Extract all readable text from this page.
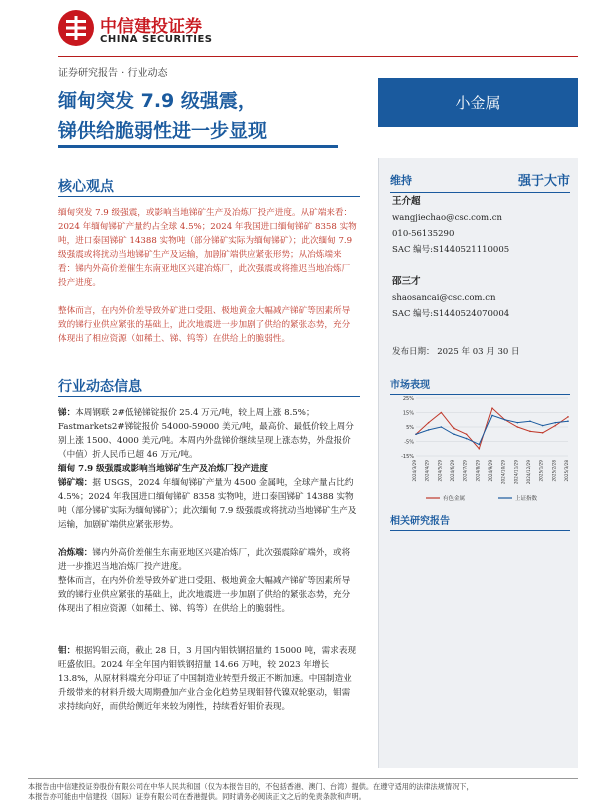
中信建投证券
CHINA SECURITIES
证券研究报告 · 行业动态
缅甸突发 7.9 级强震，
锑供给脆弱性进一步显现
小金属
核心观点
缅甸突发 7.9 级强震，或影响当地锑矿生产及冶炼厂投产进度。从矿端来看：2024 年缅甸锑矿产量约占全球 4.5%；2024 年我国进口缅甸锑矿 8358 实物吨，进口泰国锑矿 14388 实物吨（部分锑矿实际为缅甸锑矿）；此次缅甸 7.9 级强震或将扰动当地锑矿生产及运输，加剧矿端供应紧张形势；从冶炼端来看：锑内外高价差催生东南亚地区兴建冶炼厂，此次强震或将推迟当地冶炼厂投产进度。
整体而言，在内外价差导致外矿进口受阻、极地黄金大幅减产锑矿等因素所导致的锑行业供应紧张的基础上，此次地震进一步加剧了供给的紧张态势，充分体现出了相应资源（如稀土、锑、钨等）在供给上的脆弱性。
行业动态信息
锑：本周钢联 2#低铋锑锭报价 25.4 万元/吨，较上周上涨 8.5%；Fastmarkets2#锑锭报价 54000-59000 美元/吨，最高价、最低价较上周分别上涨 1500、4000 美元/吨。本周内外盘锑价继续呈现上涨态势，外盘报价（中值）折人民币已超 46 万元/吨。
缅甸 7.9 级强震或影响当地锑矿生产及冶炼厂投产进度
锑矿端：据 USGS，2024 年缅甸锑矿产量为 4500 金属吨，全球产量占比约 4.5%；2024 年我国进口缅甸锑矿 8358 实物吨，进口泰国锑矿 14388 实物吨（部分锑矿实际为缅甸锑矿）；此次缅甸 7.9 级强震或将扰动当地锑矿生产及运输，加剧矿端供应紧张形势。
冶炼端：锑内外高价差催生东南亚地区兴建冶炼厂，此次强震除矿端外，或将进一步推迟当地冶炼厂投产进度。
整体而言，在内外价差导致外矿进口受阻、极地黄金大幅减产锑矿等因素所导致的锑行业供应紧张的基础上，此次地震进一步加剧了供给的紧张态势，充分体现出了相应资源（如稀土、锑、钨等）在供给上的脆弱性。
钼：根据钨钼云商，截止 28 日，3 月国内钼铁钢招量约 15000 吨，需求表现旺盛依旧。2024 年全年国内钼铁钢招量 14.66 万吨，较 2023 年增长 13.8%，从原材料端充分印证了中国制造业转型升级正不断加速。中国制造业升级带来的材料升级大周期叠加产业合金化趋势呈现钼替代镍双轮驱动，钼需求持续向好，而供给侧近年来较为刚性，持续看好钼价表现。
维持	强于大市
王介超
wangjiechao@csc.com.cn
010-56135290
SAC 编号:S1440521110005
邵三才
shaosancai@csc.com.cn
SAC 编号:S1440524070004
发布日期： 2025 年 03 月 30 日
市场表现
25%
15%
5%
-5%
-15%
2024/3/29 2024/4/29 2024/5/29 2024/6/29 2024/7/29 2024/8/29 2024/9/29 2024/10/29 2024/11/29 2024/12/29 2025/1/29 2025/2/28 2025/3/28
有色金属	上证指数
相关研究报告
本报告由中信建投证券股份有限公司在中华人民共和国（仅为本报告目的，不包括香港、澳门、台湾）提供。在遵守适用的法律法规情况下，
本报告亦可能由中信建投（国际）证券有限公司在香港提供。同时请务必阅读正文之后的免责条款和声明。
